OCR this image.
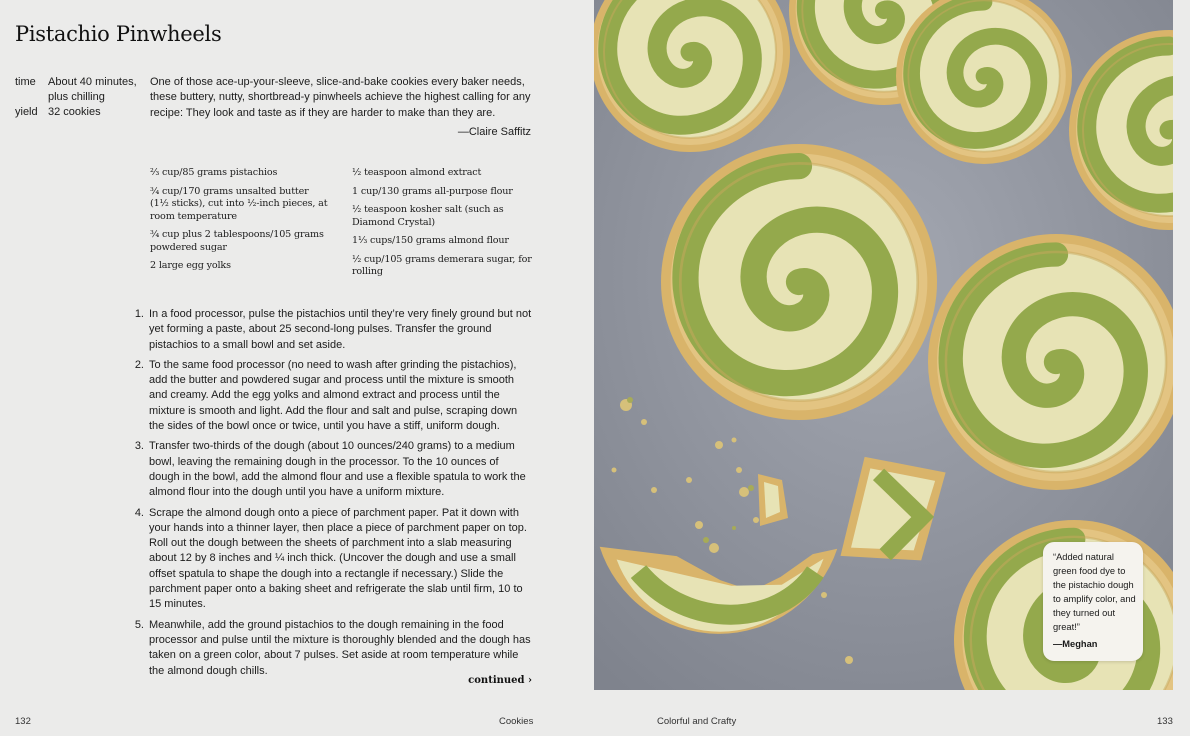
Pistachio Pinwheels
time	About 40 minutes, plus chilling
yield 32 cookies

One of those ace-up-your-sleeve, slice-and-bake cookies every baker needs, these buttery, nutty, shortbread-y pinwheels achieve the highest calling for any recipe: They look and taste as if they are harder to make than they are.

—Claire Saffitz
⅔ cup/85 grams pistachios
¾ cup/170 grams unsalted butter (1½ sticks), cut into ½-inch pieces, at room temperature
¾ cup plus 2 tablespoons/105 grams powdered sugar
2 large egg yolks
½ teaspoon almond extract
1 cup/130 grams all-purpose flour
½ teaspoon kosher salt (such as Diamond Crystal)
1⅓ cups/150 grams almond flour
½ cup/105 grams demerara sugar, for rolling
1. In a food processor, pulse the pistachios until they’re very finely ground but not yet forming a paste, about 25 second-long pulses. Transfer the ground pistachios to a small bowl and set aside.
2. To the same food processor (no need to wash after grinding the pistachios), add the butter and powdered sugar and process until the mixture is smooth and creamy. Add the egg yolks and almond extract and process until the mixture is smooth and light. Add the flour and salt and pulse, scraping down the sides of the bowl once or twice, until you have a stiff, uniform dough.
3. Transfer two-thirds of the dough (about 10 ounces/240 grams) to a medium bowl, leaving the remaining dough in the processor. To the 10 ounces of dough in the bowl, add the almond flour and use a flexible spatula to work the almond flour into the dough until you have a uniform mixture.
4. Scrape the almond dough onto a piece of parchment paper. Pat it down with your hands into a thinner layer, then place a piece of parchment paper on top. Roll out the dough between the sheets of parchment into a slab measuring about 12 by 8 inches and ¼ inch thick. (Uncover the dough and use a small offset spatula to shape the dough into a rectangle if necessary.) Slide the parchment paper onto a baking sheet and refrigerate the slab until firm, 10 to 15 minutes.
5. Meanwhile, add the ground pistachios to the dough remaining in the food processor and pulse until the mixture is thoroughly blended and the dough has taken on a green color, about 7 pulses. Set aside at room temperature while the almond dough chills.
continued ›
“Added natural green food dye to the pistachio dough to amplify color, and they turned out great!”
—Meghan
132	Cookies	Colorful and Crafty	133
